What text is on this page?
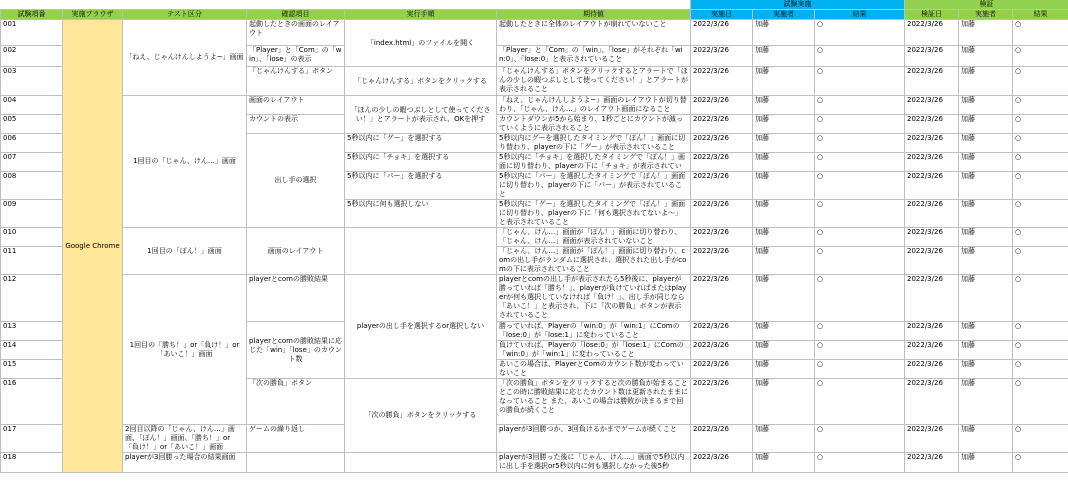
						試験実施			検証		
試験項番	実施ブラウザ	テスト区分	確認項目	実行手順	期待値	実施日	実施者	結果	検証日	実施者	結果
001	Google Chrome	「ねえ、じゃんけんしようよ~」画面	起動したときの画面のレイアウト	「index.html」のファイルを開く	起動したときに全体のレイアウトが崩れていないこと	2022/3/26	加藤	○	2022/3/26	加藤	○
002			「Player」と「Com」の「win」、「lose」の表示		「Player」と「Com」の「win」、「lose」がそれぞれ「win:0」、「lose:0」と表示されていること	2022/3/26	加藤	○	2022/3/26	加藤	○
003			「じゃんけんする」ボタン	「じゃんけんする」ボタンをクリックする	「じゃんけんする」ボタンをクリックするとアラートで「ほんの少しの暇つぶしとして使ってください！」とアラートが表示されること	2022/3/26	加藤	○	2022/3/26	加藤	○
004		1回目の「じゃん、けん…」画面	画面のレイアウト	「ほんの少しの暇つぶしとして使ってください！」とアラートが表示され、OKを押す	「ねえ、じゃんけんしようよ~」画面のレイアウトが切り替わり、「じゃん、けん…」のレイアウト画面になること	2022/3/26	加藤	○	2022/3/26	加藤	○
005			カウントの表示		カウントダウンが5から始まり、1秒ごとにカウントが減っていくように表示されること	2022/3/26	加藤	○	2022/3/26	加藤	○
006			出し手の選択	5秒以内に「グー」を選択する	5秒以内にグーを選択したタイミングで「ぽん！」画面に切り替わり、playerの下に「グー」が表示されていること	2022/3/26	加藤	○	2022/3/26	加藤	○
007				5秒以内に「チョキ」を選択する	5秒以内に「チョキ」を選択したタイミングで「ぽん！」画面に切り替わり、playerの下に「チョキ」が表示されてい	2022/3/26	加藤	○	2022/3/26	加藤	○
008				5秒以内に「パー」を選択する	5秒以内に「パー」を選択したタイミングで「ぽん！」画面に切り替わり、playerの下に「パー」が表示されていること	2022/3/26	加藤	○	2022/3/26	加藤	○
009				5秒以内に何も選択しない	5秒以内に「グー」を選択したタイミングで「ぽん！」画面に切り替わり、playerの下に「何も選択されてないよ～」と表示されていること	2022/3/26	加藤	○	2022/3/26	加藤	○
010		1回目の「ぽん！」画面	画面のレイアウト		「じゃん、けん…」画面が「ぽん！」画面に切り替わり、「じゃん、けん…」画面が表示されていないこと	2022/3/26	加藤	○	2022/3/26	加藤	○
011					「じゃん、けん…」画面が「ぽん！」画面に切り替わり、comの出し手がランダムに選択され、選択された出し手がcomの下に表示されていること	2022/3/26	加藤	○	2022/3/26	加藤	○
012		1回目の「勝ち！」or「負け！」or「あいこ！」画面	playerとcomの勝敗結果	playerの出し手を選択するor選択しない	playerとcomの出し手が表示されたら5秒後に、playerが勝っていれば「勝ち！」、playerが負けていればまたはplayerが何も選択していなければ「負け！」、出し手が同じなら「あいこ！」と表示され、下に「次の勝負」ボタンが表示されていること	2022/3/26	加藤	○	2022/3/26	加藤	○
013			playerとcomの勝敗結果に応じた「win」「lose」のカウント数		勝っていれば、Playerの「win:0」が「win:1」にComの「lose:0」が「lose:1」に変わっていること	2022/3/26	加藤	○	2022/3/26	加藤	○
014					負けていれば、Playerの「lose:0」が「lose:1」にComの「win:0」が「win:1」に変わっていること	2022/3/26	加藤	○	2022/3/26	加藤	○
015					あいこの場合は、PlayerとComのカウント数が変わっていないこと	2022/3/26	加藤	○	2022/3/26	加藤	○
016			「次の勝負」ボタン	「次の勝負」ボタンをクリックする	「次の勝負」ボタンをクリックすると次の勝負が始まることとこの時に勝敗結果に応じたカウント数は更新されたままになっていること また、あいこの場合は勝敗が決まるまで回の勝負が続くこと	2022/3/26	加藤	○	2022/3/26	加藤	○
017		2回目以降の「じゃん、けん…」画面、「ぽん！」画面、「勝ち！」or「負け！」or「あいこ！」画面	ゲームの繰り返し		playerが3回勝つか、3回負けるかまでゲームが続くこと	2022/3/26	加藤	○	2022/3/26	加藤	○
018		playerが3回勝った場合の結果画面			playerが3回勝った後に「じゃん、けん…」画面で5秒以内に出し手を選択or5秒以内に何も選択しなかった後5秒	2022/3/26	加藤	○	2022/3/26	加藤	○
